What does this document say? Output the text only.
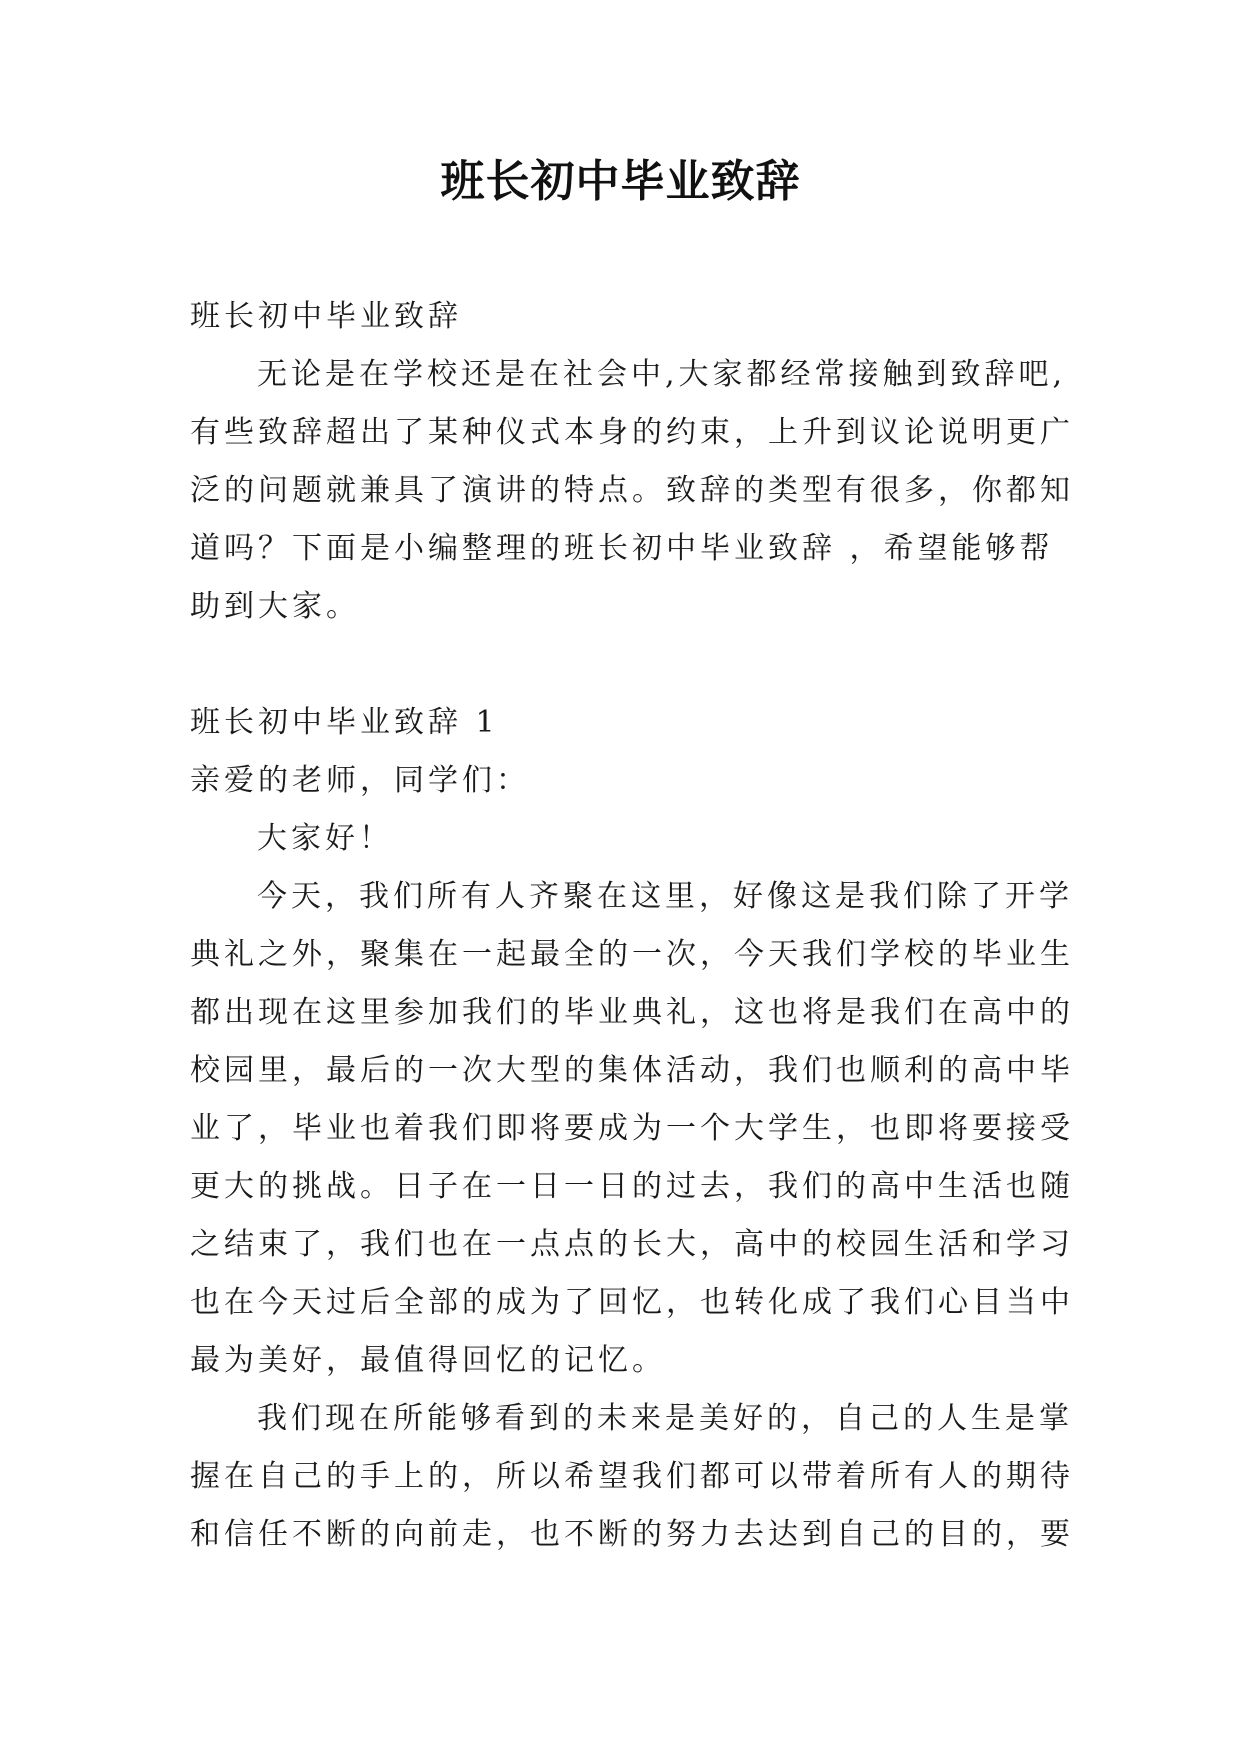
班长初中毕业致辞
班长初中毕业致辞
无论是在学校还是在社会中,大家都经常接触到致辞吧,
有些致辞超出了某种仪式本身的约束，上升到议论说明更广
泛的问题就兼具了演讲的特点。致辞的类型有很多，你都知
道吗？下面是小编整理的班长初中毕业致辞 ，希望能够帮
助到大家。
班长初中毕业致辞 1
亲爱的老师，同学们：
大家好！
今天，我们所有人齐聚在这里，好像这是我们除了开学
典礼之外，聚集在一起最全的一次，今天我们学校的毕业生
都出现在这里参加我们的毕业典礼，这也将是我们在高中的
校园里，最后的一次大型的集体活动，我们也顺利的高中毕
业了，毕业也着我们即将要成为一个大学生，也即将要接受
更大的挑战。日子在一日一日的过去，我们的高中生活也随
之结束了，我们也在一点点的长大，高中的校园生活和学习
也在今天过后全部的成为了回忆，也转化成了我们心目当中
最为美好，最值得回忆的记忆。
我们现在所能够看到的未来是美好的，自己的人生是掌
握在自己的手上的，所以希望我们都可以带着所有人的期待
和信任不断的向前走，也不断的努力去达到自己的目的，要
